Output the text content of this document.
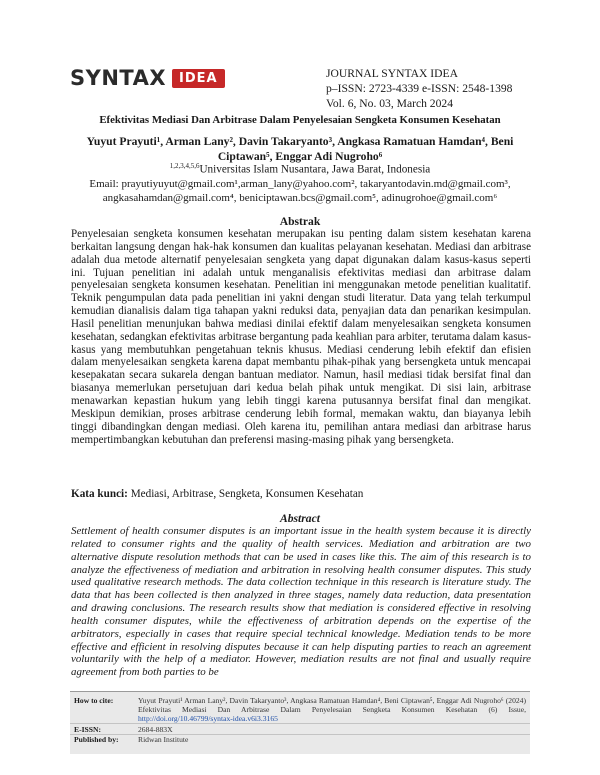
SYNTAX	IDEA	JOURNAL SYNTAX IDEA
p–ISSN: 2723-4339 e-ISSN: 2548-1398
Vol. 6, No. 03, March 2024
Efektivitas Mediasi Dan Arbitrase Dalam Penyelesaian Sengketa Konsumen Kesehatan
Yuyut Prayuti¹, Arman Lany², Davin Takaryanto³, Angkasa Ramatuan Hamdan⁴, Beni
Ciptawan⁵, Enggar Adi Nugroho⁶
$^{1,2,3,4,5,6}$Universitas Islam Nusantara, Jawa Barat, Indonesia
Email: prayutiyuyut@gmail.com¹,arman_lany@yahoo.com², takaryantodavin.md@gmail.com³,
angkasahamdan@gmail.com⁴, beniciptawan.bcs@gmail.com⁵, adinugrohoe@gmail.com⁶
Abstrak
Penyelesaian sengketa konsumen kesehatan merupakan isu penting dalam sistem kesehatan karena berkaitan langsung dengan hak-hak konsumen dan kualitas pelayanan kesehatan. Mediasi dan arbitrase adalah dua metode alternatif penyelesaian sengketa yang dapat digunakan dalam kasus-kasus seperti ini. Tujuan penelitian ini adalah untuk menganalisis efektivitas mediasi dan arbitrase dalam penyelesaian sengketa konsumen kesehatan. Penelitian ini menggunakan metode penelitian kualitatif. Teknik pengumpulan data pada penelitian ini yakni dengan studi literatur. Data yang telah terkumpul kemudian dianalisis dalam tiga tahapan yakni reduksi data, penyajian data dan penarikan kesimpulan. Hasil penelitian menunjukan bahwa mediasi dinilai efektif dalam menyelesaikan sengketa konsumen kesehatan, sedangkan efektivitas arbitrase bergantung pada keahlian para arbiter, terutama dalam kasus-kasus yang membutuhkan pengetahuan teknis khusus. Mediasi cenderung lebih efektif dan efisien dalam menyelesaikan sengketa karena dapat membantu pihak-pihak yang bersengketa untuk mencapai kesepakatan secara sukarela dengan bantuan mediator. Namun, hasil mediasi tidak bersifat final dan biasanya memerlukan persetujuan dari kedua belah pihak untuk mengikat. Di sisi lain, arbitrase menawarkan kepastian hukum yang lebih tinggi karena putusannya bersifat final dan mengikat. Meskipun demikian, proses arbitrase cenderung lebih formal, memakan waktu, dan biayanya lebih tinggi dibandingkan dengan mediasi. Oleh karena itu, pemilihan antara mediasi dan arbitrase harus mempertimbangkan kebutuhan dan preferensi masing-masing pihak yang bersengketa.
Kata kunci: Mediasi, Arbitrase, Sengketa, Konsumen Kesehatan
Abstract
Settlement of health consumer disputes is an important issue in the health system because it is directly related to consumer rights and the quality of health services. Mediation and arbitration are two alternative dispute resolution methods that can be used in cases like this. The aim of this research is to analyze the effectiveness of mediation and arbitration in resolving health consumer disputes. This study used qualitative research methods. The data collection technique in this research is literature study. The data that has been collected is then analyzed in three stages, namely data reduction, data presentation and drawing conclusions. The research results show that mediation is considered effective in resolving health consumer disputes, while the effectiveness of arbitration depends on the expertise of the arbitrators, especially in cases that require special technical knowledge. Mediation tends to be more effective and efficient in resolving disputes because it can help disputing parties to reach an agreement voluntarily with the help of a mediator. However, mediation results are not final and usually require agreement from both parties to be
How to cite:	Yuyut Prayuti¹ Arman Lany², Davin Takaryanto³, Angkasa Ramatuan Hamdan⁴, Beni Ciptawan⁵, Enggar Adi Nugroho⁶ (2024) Efektivitas Mediasi Dan Arbitrase Dalam Penyelesaian Sengketa Konsumen Kesehatan (6) Issue, http://doi.org/10.46799/syntax-idea.v6i3.3165
E-ISSN:	2684-883X
Published by:	Ridwan Institute
